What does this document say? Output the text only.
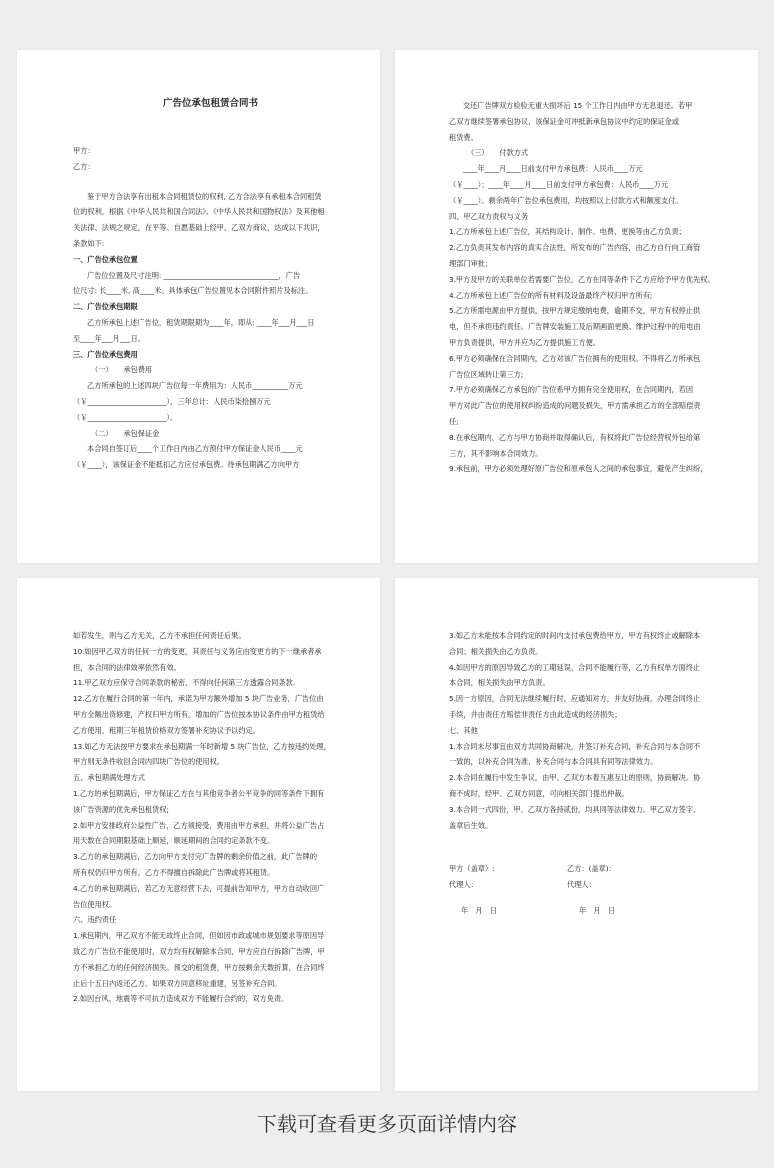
广告位承包租赁合同书
甲方：
乙方：
鉴于甲方合法享有出租本合同租赁位的权利, 乙方合法享有承租本合同租赁
位的权利，根据《中华人民共和国合同法》、《中华人民共和国物权法》及其他相
关法律、法规之规定，在平等、自愿基础上经甲、乙双方商议，达成以下共识，
条款如下:
一、广告位承包位置
广告位位置及尺寸注明: ________________________________，广告
位尺寸: 长____米, 高____米。具体承包广告位置见本合同附件照片及标注。
二、广告位承包期限
乙方所承包上述广告位，租赁期限期为____年，即从: ____年___月___日
至____年___月___日。
三、广告位承包费用
（一）　　承包费用
乙方所承包的上述四块广告位每一年费用为：人民币__________万元
（￥______________________），三年总计：人民币柒拾捌万元
（￥______________________）。
（二）　　承包保证金
本合同自签订后____个工作日内由乙方预付甲方保证金人民币____元
（￥____），该保证金不能抵扣乙方应付承包费。待承包期满乙方向甲方
交还广告牌双方检验无重大损坏后 15 个工作日内由甲方无息退还。若甲
乙双方继续签署承包协议，该保证金可冲抵新承包协议中约定的保证金或
租赁费。
（三）　　付款方式
____年____月____日前支付甲方承包费：人民币____万元
（￥____）；____年____月____日前支付甲方承包费：人民币____万元
（￥____）。剩余两年广告位承包费用，均按照以上付款方式和额度支付。
四、甲乙双方责权与义务
1.乙方所承包上述广告位，其结构设计、制作、电费、更换等由乙方负责；
2.乙方负责其发布内容的真实合法性，所发布的广告内容，由乙方自行向工商管
理部门审批；
3.甲方及甲方的关联单位若需要广告位，乙方在同等条件下乙方应给予甲方优先权。
4.乙方所承包上述广告位的所有材料及设备最终产权归甲方所有;
5.乙方所需电源由甲方提供，按甲方规定缴纳电费，逾期不交，甲方有权停止供
电，但不承担违约责任。广告牌安装施工及后期画面更换、维护过程中的用电由
甲方负责提供，甲方并应为乙方提供施工方便。
6.甲方必须确保在合同期内，乙方对该广告位拥有的使用权。不得将乙方所承包
广告位区域转让第三方;
7.甲方必须确保乙方承包的广告位系甲方拥有完全使用权，在合同期内，若因
甲方对此广告位的使用权纠纷造成的问题及损失，甲方需承担乙方的全部赔偿责
任;
8.在承包期内，乙方与甲方协商并取得确认后，有权将此广告位经营权外包给第
三方，其不影响本合同效力。
9.承包前，甲方必须处理好原广告位和原承包人之间的承包事宜，避免产生纠纷，
如若发生，则与乙方无关，乙方不承担任何责任后果。
10.如因甲乙双方的任何一方的变更，其责任与义务应由变更方的下一继承者承
担，本合同的法律效率依然有效。
11.甲乙双方应保守合同条款的秘密，不得向任何第三方透露合同条款.
12.乙方在履行合同的第一年内，承诺为甲方额外增加 5 块广告业务，广告位由
甲方全额出资修建，产权归甲方所有。增加的广告位按本协议条件由甲方租赁给
乙方使用，租期三年租赁价格双方签署补充协议予以约定。
13.如乙方无法按甲方要求在承包期满一年时新增 5 块广告位，乙方按违约处理，
甲方则无条件收回合同内四块广告位的使用权。
五、承包期满处理方式
1.乙方的承包期满后，甲方保证乙方在与其他竞争者公平竞争的同等条件下拥有
该广告资源的优先承包租赁权;
2.如甲方安排政府公益性广告，乙方须接受，费用由甲方承担，并将公益广告占
用天数在合同期限基础上顺延，顺延期间的合同约定条款不变。
3.乙方的承包期满后，乙方向甲方支付完广告牌的剩余价值之前，此广告牌的
所有权仍归甲方所有，乙方不得擅自拆除此广告牌或将其租赁。
4.乙方的承包期满后，若乙方无意经营下去，可提前告知甲方，甲方自动收回广
告位使用权。
六、违约责任
1.承包期内，甲乙双方不能无故终止合同，但如因市政或城市规划要求等原因导
致乙方广告位不能使用时，双方均有权解除本合同，甲方应自行拆除广告牌，甲
方不承担乙方的任何经济损失。预交的租赁费，甲方按剩余天数折算，在合同终
止后十五日内返还乙方。如果双方同意移址重建，另签补充合同。
2.如因台风、地震等不可抗力造成双方不能履行合约的，双方免责。
3.如乙方未能按本合同约定的时间内支付承包费给甲方，甲方有权终止或解除本
合同；相关损失由乙方负责。
4.如因甲方的原因导致乙方的工期延误、合同不能履行等，乙方有权单方面终止
本合同，相关损失由甲方负责。
5.因一方原因，合同无法继续履行时，应通知对方，并友好协商，办理合同终止
手续，并由责任方赔偿非责任方由此造成的经济损失；
七、其他
1.本合同未尽事宜由双方共同协商解决，并签订补充合同，补充合同与本合同不
一致的，以补充合同为准，补充合同与本合同具有同等法律效力。
2.本合同在履行中发生争议，由甲、乙双方本着互惠互让的原则，协商解决。协
商不成时，经甲、乙双方同意，可向相关部门提出仲裁。
3.本合同一式四份，甲、乙双方各持贰份，均具同等法律效力。甲乙双方签字、
盖章后生效。
甲方（盖章）:	乙方：(盖章)：
代理人：	代理人：
年　月　日	年　月　日
下载可查看更多页面详情内容
